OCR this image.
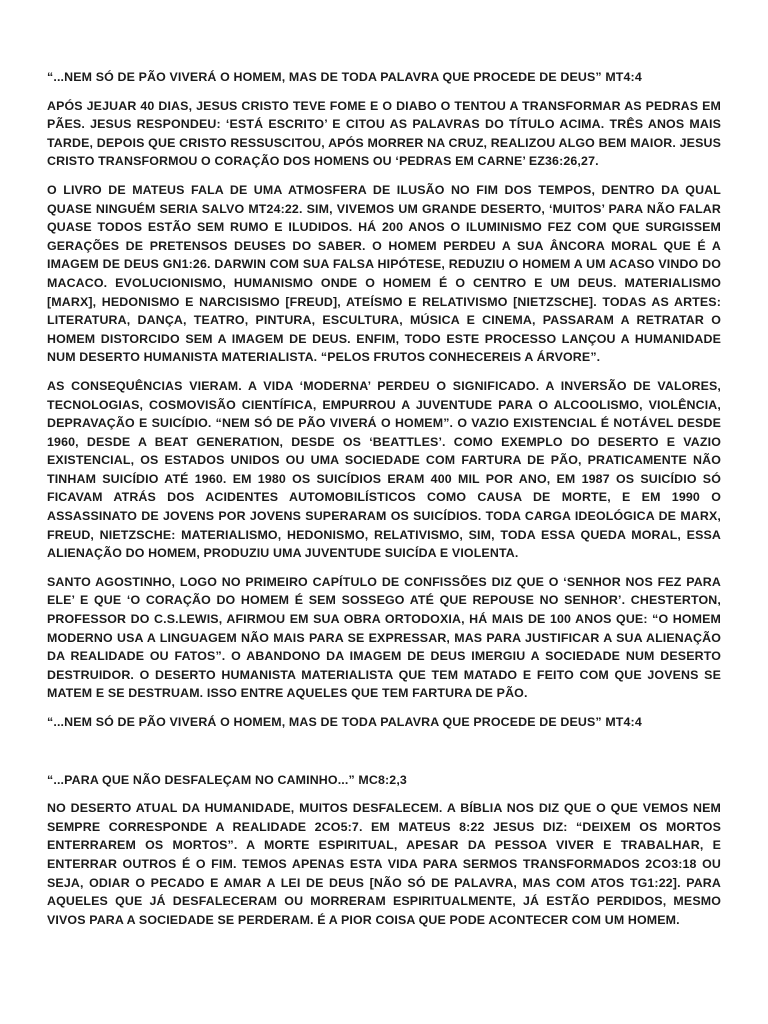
“...NEM SÓ DE PÃO VIVERÁ O HOMEM, MAS DE TODA PALAVRA QUE PROCEDE DE DEUS” MT4:4

APÓS JEJUAR 40 DIAS, JESUS CRISTO TEVE FOME E O DIABO O TENTOU A TRANSFORMAR AS PEDRAS EM PÃES. JESUS RESPONDEU: ‘ESTÁ ESCRITO’ E CITOU AS PALAVRAS DO TÍTULO ACIMA. TRÊS ANOS MAIS TARDE, DEPOIS QUE CRISTO RESSUSCITOU, APÓS MORRER NA CRUZ, REALIZOU ALGO BEM MAIOR. JESUS CRISTO TRANSFORMOU O CORAÇÃO DOS HOMENS OU ‘PEDRAS EM CARNE’ EZ36:26,27.

O LIVRO DE MATEUS FALA DE UMA ATMOSFERA DE ILUSÃO NO FIM DOS TEMPOS, DENTRO DA QUAL QUASE NINGUÉM SERIA SALVO MT24:22. SIM, VIVEMOS UM GRANDE DESERTO, ‘MUITOS’ PARA NÃO FALAR QUASE TODOS ESTÃO SEM RUMO E ILUDIDOS. HÁ 200 ANOS O ILUMINISMO FEZ COM QUE SURGISSEM GERAÇÕES DE PRETENSOS DEUSES DO SABER. O HOMEM PERDEU A SUA ÂNCORA MORAL QUE É A IMAGEM DE DEUS GN1:26. DARWIN COM SUA FALSA HIPÓTESE, REDUZIU O HOMEM A UM ACASO VINDO DO MACACO. EVOLUCIONISMO, HUMANISMO ONDE O HOMEM É O CENTRO E UM DEUS. MATERIALISMO [MARX], HEDONISMO E NARCISISMO [FREUD], ATEÍSMO E RELATIVISMO [NIETZSCHE]. TODAS AS ARTES: LITERATURA, DANÇA, TEATRO, PINTURA, ESCULTURA, MÚSICA E CINEMA, PASSARAM A RETRATAR O HOMEM DISTORCIDO SEM A IMAGEM DE DEUS. ENFIM, TODO ESTE PROCESSO LANÇOU A HUMANIDADE NUM DESERTO HUMANISTA MATERIALISTA. “PELOS FRUTOS CONHECEREIS A ÁRVORE”.

AS CONSEQUÊNCIAS VIERAM. A VIDA ‘MODERNA’ PERDEU O SIGNIFICADO. A INVERSÃO DE VALORES, TECNOLOGIAS, COSMOVISÃO CIENTÍFICA, EMPURROU A JUVENTUDE PARA O ALCOOLISMO, VIOLÊNCIA, DEPRAVAÇÃO E SUICÍDIO. “NEM SÓ DE PÃO VIVERÁ O HOMEM”. O VAZIO EXISTENCIAL É NOTÁVEL DESDE 1960, DESDE A BEAT GENERATION, DESDE OS ‘BEATTLES’. COMO EXEMPLO DO DESERTO E VAZIO EXISTENCIAL, OS ESTADOS UNIDOS OU UMA SOCIEDADE COM FARTURA DE PÃO, PRATICAMENTE NÃO TINHAM SUICÍDIO ATÉ 1960. EM 1980 OS SUICÍDIOS ERAM 400 MIL POR ANO, EM 1987 OS SUICÍDIO SÓ FICAVAM ATRÁS DOS ACIDENTES AUTOMOBILÍSTICOS COMO CAUSA DE MORTE, E EM 1990 O ASSASSINATO DE JOVENS POR JOVENS SUPERARAM OS SUICÍDIOS. TODA CARGA IDEOLÓGICA DE MARX, FREUD, NIETZSCHE: MATERIALISMO, HEDONISMO, RELATIVISMO, SIM, TODA ESSA QUEDA MORAL, ESSA ALIENAÇÃO DO HOMEM, PRODUZIU UMA JUVENTUDE SUICÍDA E VIOLENTA.

SANTO AGOSTINHO, LOGO NO PRIMEIRO CAPÍTULO DE CONFISSÕES DIZ QUE O ‘SENHOR NOS FEZ PARA ELE’ E QUE ‘O CORAÇÃO DO HOMEM É SEM SOSSEGO ATÉ QUE REPOUSE NO SENHOR’. CHESTERTON, PROFESSOR DO C.S.LEWIS, AFIRMOU EM SUA OBRA ORTODOXIA, HÁ MAIS DE 100 ANOS QUE: “O HOMEM MODERNO USA A LINGUAGEM NÃO MAIS PARA SE EXPRESSAR, MAS PARA JUSTIFICAR A SUA ALIENAÇÃO DA REALIDADE OU FATOS”. O ABANDONO DA IMAGEM DE DEUS IMERGIU A SOCIEDADE NUM DESERTO DESTRUIDOR. O DESERTO HUMANISTA MATERIALISTA QUE TEM MATADO E FEITO COM QUE JOVENS SE MATEM E SE DESTRUAM. ISSO ENTRE AQUELES QUE TEM FARTURA DE PÃO.

“...NEM SÓ DE PÃO VIVERÁ O HOMEM, MAS DE TODA PALAVRA QUE PROCEDE DE DEUS” MT4:4

“...PARA QUE NÃO DESFALEÇAM NO CAMINHO...” MC8:2,3

NO DESERTO ATUAL DA HUMANIDADE, MUITOS DESFALECEM. A BÍBLIA NOS DIZ QUE O QUE VEMOS NEM SEMPRE CORRESPONDE A REALIDADE 2CO5:7. EM MATEUS 8:22 JESUS DIZ: “DEIXEM OS MORTOS ENTERRAREM OS MORTOS”. A MORTE ESPIRITUAL, APESAR DA PESSOA VIVER E TRABALHAR, E ENTERRAR OUTROS É O FIM. TEMOS APENAS ESTA VIDA PARA SERMOS TRANSFORMADOS 2CO3:18 OU SEJA, ODIAR O PECADO E AMAR A LEI DE DEUS [NÃO SÓ DE PALAVRA, MAS COM ATOS TG1:22]. PARA AQUELES QUE JÁ DESFALECERAM OU MORRERAM ESPIRITUALMENTE, JÁ ESTÃO PERDIDOS, MESMO VIVOS PARA A SOCIEDADE SE PERDERAM. É A PIOR COISA QUE PODE ACONTECER COM UM HOMEM.
